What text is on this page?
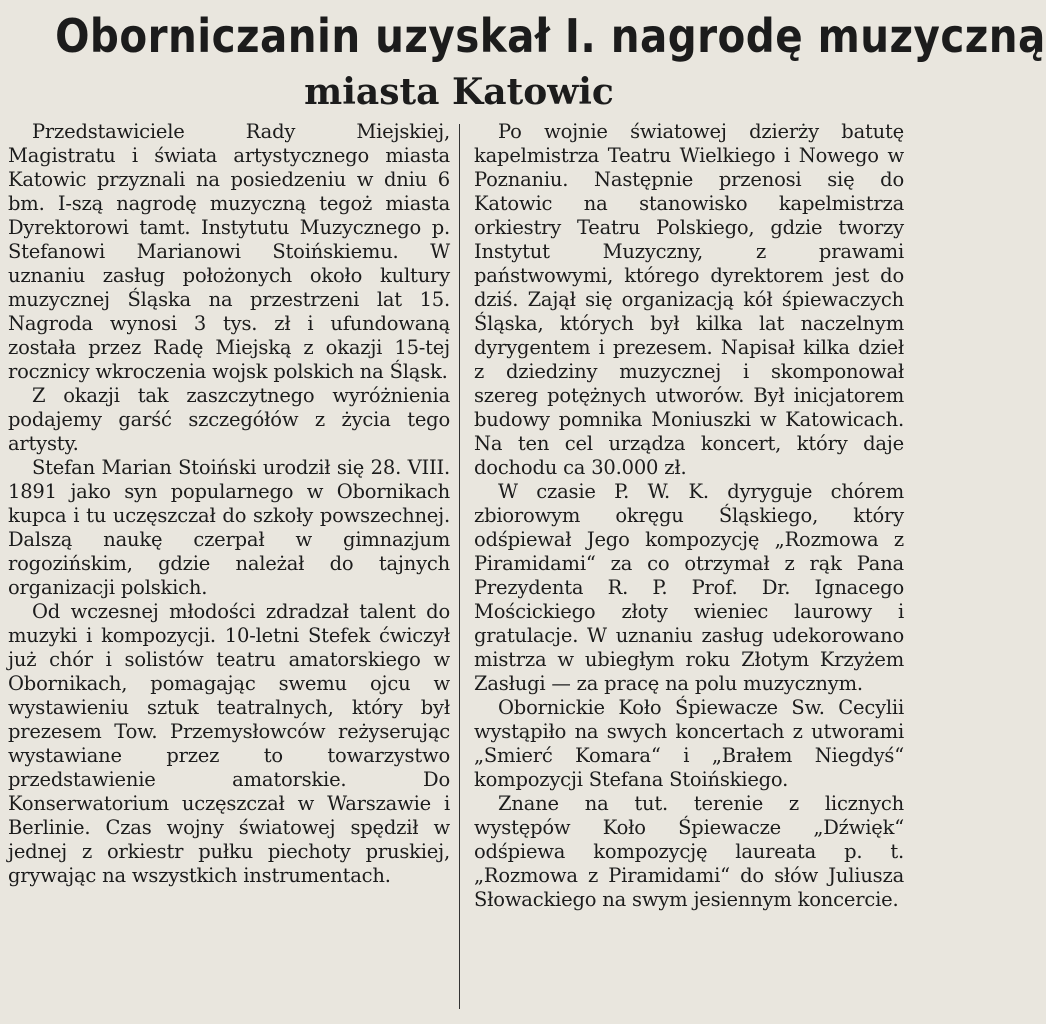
Oborniczanin uzyskał I. nagrodę muzyczną
miasta Katowic

Przedstawiciele Rady Miejskiej, Magistratu i świata artystycznego miasta Katowic przyznali na posiedzeniu w dniu 6 bm. I-szą nagrodę muzyczną tegoż miasta Dyrektorowi tamt. Instytutu Muzycznego p. Stefanowi Marianowi Stoińskiemu. W uznaniu zasług położonych około kultury muzycznej Śląska na przestrzeni lat 15. Nagroda wynosi 3 tys. zł i ufundowaną została przez Radę Miejską z okazji 15-tej rocznicy wkroczenia wojsk polskich na Śląsk.

Z okazji tak zaszczytnego wyróżnienia podajemy garść szczegółów z życia tego artysty.

Stefan Marian Stoiński urodził się 28. VIII. 1891 jako syn popularnego w Obornikach kupca i tu uczęszczał do szkoły powszechnej. Dalszą naukę czerpał w gimnazjum rogozińskim, gdzie należał do tajnych organizacji polskich.

Od wczesnej młodości zdradzał talent do muzyki i kompozycji. 10-letni Stefek ćwiczył już chór i solistów teatru amatorskiego w Obornikach, pomagając swemu ojcu w wystawieniu sztuk teatralnych, który był prezesem Tow. Przemysłowców reżyserując wystawiane przez to towarzystwo przedstawienie amatorskie. Do Konserwatorium uczęszczał w Warszawie i Berlinie. Czas wojny światowej spędził w jednej z orkiestr pułku piechoty pruskiej, grywając na wszystkich instrumentach.

Po wojnie światowej dzierży batutę kapelmistrza Teatru Wielkiego i Nowego w Poznaniu. Następnie przenosi się do Katowic na stanowisko kapelmistrza orkiestry Teatru Polskiego, gdzie tworzy Instytut Muzyczny, z prawami państwowymi, którego dyrektorem jest do dziś. Zajął się organizacją kół śpiewaczych Śląska, których był kilka lat naczelnym dyrygentem i prezesem. Napisał kilka dzieł z dziedziny muzycznej i skomponował szereg potężnych utworów. Był inicjatorem budowy pomnika Moniuszki w Katowicach. Na ten cel urządza koncert, który daje dochodu ca 30.000 zł.

W czasie P. W. K. dyryguje chórem zbiorowym okręgu Śląskiego, który odśpiewał Jego kompozycję „Rozmowa z Piramidami“ za co otrzymał z rąk Pana Prezydenta R. P. Prof. Dr. Ignacego Mościckiego złoty wieniec laurowy i gratulacje. W uznaniu zasług udekorowano mistrza w ubiegłym roku Złotym Krzyżem Zasługi — za pracę na polu muzycznym.

Obornickie Koło Śpiewacze Sw. Cecylii wystąpiło na swych koncertach z utworami „Smierć Komara“ i „Brałem Niegdyś“ kompozycji Stefana Stoińskiego.

Znane na tut. terenie z licznych występów Koło Śpiewacze „Dźwięk“ odśpiewa kompozycję laureata p. t. „Rozmowa z Piramidami“ do słów Juliusza Słowackiego na swym jesiennym koncercie.
